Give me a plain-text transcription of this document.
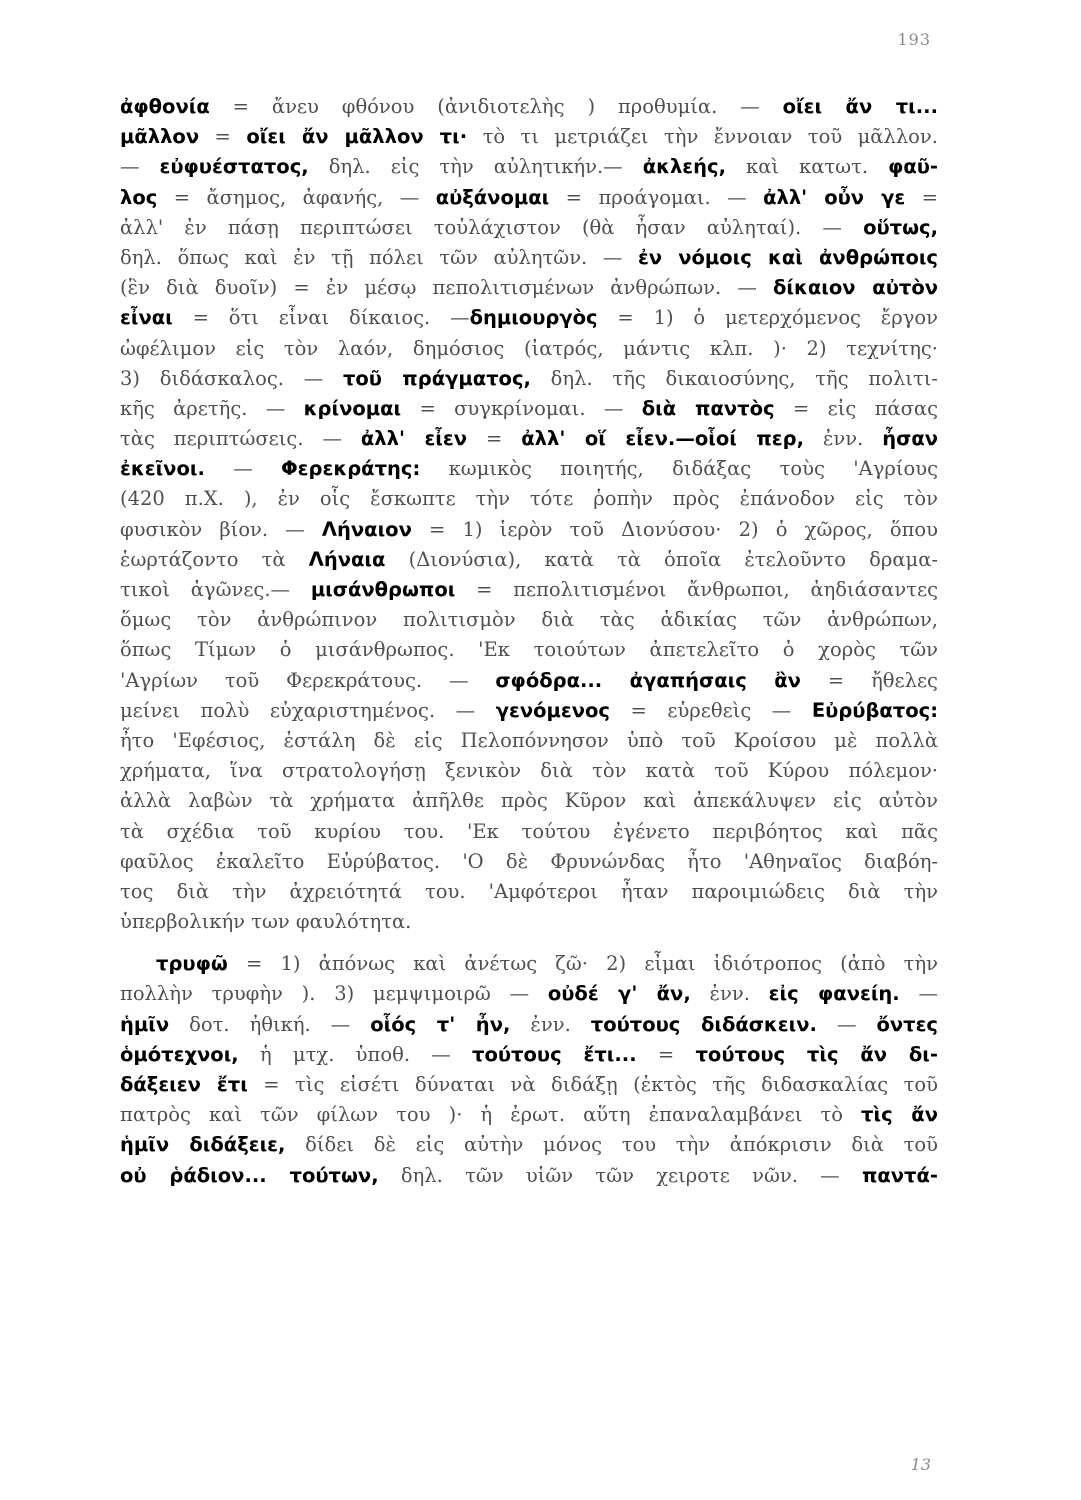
193
ἀφθονία = ἄνευ φθόνου (ἀνιδιοτελὴς ) προθυμία. — οἴει ἄν τι...
μᾶλλον = οἴει ἄν μᾶλλον τι· τὸ τι μετριάζει τὴν ἔννοιαν τοῦ μᾶλλον.
— εὐφυέστατος, δηλ. εἰς τὴν αὐλητικήν.— ἀκλεής, καὶ κατωτ. φαῦ-
λος = ἄσημος, ἀφανής, — αὐξάνομαι = προάγομαι. — ἀλλ' οὖν γε =
ἀλλ' ἐν πάσῃ περιπτώσει τοὐλάχιστον (θὰ ἦσαν αὐληταί). — οὕτως,
δηλ. ὅπως καὶ ἐν τῇ πόλει τῶν αὐλητῶν. — ἐν νόμοις καὶ ἀνθρώποις
(ἓν διὰ δυοῖν) = ἐν μέσῳ πεπολιτισμένων ἀνθρώπων. — δίκαιον αὐτὸν
εἶναι = ὅτι εἶναι δίκαιος. —δημιουργὸς = 1) ὁ μετερχόμενος ἔργον
ὠφέλιμον εἰς τὸν λαόν, δημόσιος (ἰατρός, μάντις κλπ. )· 2) τεχνίτης·
3) διδάσκαλος. — τοῦ πράγματος, δηλ. τῆς δικαιοσύνης, τῆς πολιτι-
κῆς ἀρετῆς. — κρίνομαι = συγκρίνομαι. — διὰ παντὸς = εἰς πάσας
τὰς περιπτώσεις. — ἀλλ' εἶεν = ἀλλ' οἵ εἶεν.—οἷοί περ, ἐνν. ἦσαν
ἐκεῖνοι. — Φερεκράτης: κωμικὸς ποιητής, διδάξας τοὺς 'Αγρίους
(420 π.Χ. ), ἐν οἷς ἔσκωπτε τὴν τότε ῥοπὴν πρὸς ἐπάνοδον εἰς τὸν
φυσικὸν βίον. — Λήναιον = 1) ἱερὸν τοῦ Διονύσου· 2) ὁ χῶρος, ὅπου
ἑωρτάζοντο τὰ Λήναια (Διονύσια), κατὰ τὰ ὁποῖα ἐτελοῦντο δραμα-
τικοὶ ἀγῶνες.— μισάνθρωποι = πεπολιτισμένοι ἄνθρωποι, ἀηδιάσαντες
ὅμως τὸν ἀνθρώπινον πολιτισμὸν διὰ τὰς ἀδικίας τῶν ἀνθρώπων,
ὅπως Τίμων ὁ μισάνθρωπος. 'Εκ τοιούτων ἀπετελεῖτο ὁ χορὸς τῶν
'Αγρίων τοῦ Φερεκράτους. — σφόδρα... ἀγαπήσαις ἂν = ἤθελες
μείνει πολὺ εὐχαριστημένος. — γενόμενος = εὑρεθεὶς — Εὐρύβατος:
ἦτο 'Εφέσιος, ἐστάλη δὲ εἰς Πελοπόννησον ὑπὸ τοῦ Κροίσου μὲ πολλὰ
χρήματα, ἵνα στρατολογήσῃ ξενικὸν διὰ τὸν κατὰ τοῦ Κύρου πόλεμον·
ἀλλὰ λαβὼν τὰ χρήματα ἀπῆλθε πρὸς Κῦρον καὶ ἀπεκάλυψεν εἰς αὐτὸν
τὰ σχέδια τοῦ κυρίου του. 'Εκ τούτου ἐγένετο περιβόητος καὶ πᾶς
φαῦλος ἐκαλεῖτο Εὐρύβατος. 'Ο δὲ Φρυνώνδας ἦτο 'Αθηναῖος διαβόη-
τος διὰ τὴν ἀχρειότητά του. 'Αμφότεροι ἦταν παροιμιώδεις διὰ τὴν
ὑπερβολικήν των φαυλότητα.
τρυφῶ = 1) ἀπόνως καὶ ἀνέτως ζῶ· 2) εἶμαι ἰδιότροπος (ἀπὸ τὴν
πολλὴν τρυφὴν ). 3) μεμψιμοιρῶ — οὐδέ γ' ἄν, ἐνν. εἰς φανείη. —
ἡμῖν δοτ. ἠθική. — οἷός τ' ἦν, ἐνν. τούτους διδάσκειν. — ὄντες
ὁμότεχνοι, ἡ μτχ. ὑποθ. — τούτους ἔτι... = τούτους τὶς ἄν δι-
δάξειεν ἔτι = τὶς εἰσέτι δύναται νὰ διδάξῃ (ἐκτὸς τῆς διδασκαλίας τοῦ
πατρὸς καὶ τῶν φίλων του )· ἡ ἐρωτ. αὕτη ἐπαναλαμβάνει τὸ τὶς ἄν
ἡμῖν διδάξειε, δίδει δὲ εἰς αὐτὴν μόνος του τὴν ἀπόκρισιν διὰ τοῦ
οὐ ῥάδιον... τούτων, δηλ. τῶν υἱῶν τῶν χειροτε νῶν. — παντά-
13
